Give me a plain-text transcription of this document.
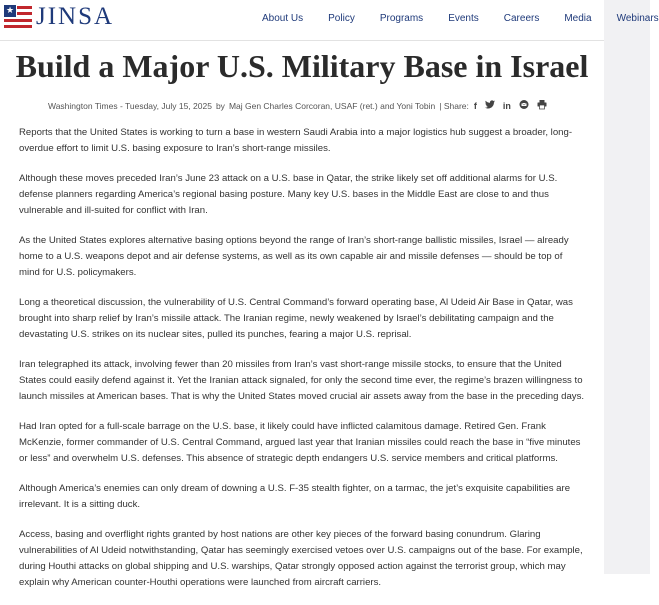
★ JINSA	About Us	Policy	Programs	Events	Careers	Media	Webinars
Build a Major U.S. Military Base in Israel
Washington Times - Tuesday, July 15, 2025 by Maj Gen Charles Corcoran, USAF (ret.) and Yoni Tobin | Share: f	in

Reports that the United States is working to turn a base in western Saudi Arabia into a major logistics hub suggest a broader, long-overdue effort to limit U.S. basing exposure to Iran’s short-range missiles.

Although these moves preceded Iran’s June 23 attack on a U.S. base in Qatar, the strike likely set off additional alarms for U.S. defense planners regarding America’s regional basing posture. Many key U.S. bases in the Middle East are close to and thus vulnerable and ill-suited for conflict with Iran.

As the United States explores alternative basing options beyond the range of Iran’s short-range ballistic missiles, Israel — already home to a U.S. weapons depot and air defense systems, as well as its own capable air and missile defenses — should be top of mind for U.S. policymakers.

Long a theoretical discussion, the vulnerability of U.S. Central Command’s forward operating base, Al Udeid Air Base in Qatar, was brought into sharp relief by Iran’s missile attack. The Iranian regime, newly weakened by Israel’s debilitating campaign and the devastating U.S. strikes on its nuclear sites, pulled its punches, fearing a major U.S. reprisal.

Iran telegraphed its attack, involving fewer than 20 missiles from Iran’s vast short-range missile stocks, to ensure that the United States could easily defend against it. Yet the Iranian attack signaled, for only the second time ever, the regime’s brazen willingness to launch missiles at American bases. That is why the United States moved crucial air assets away from the base in the preceding days.

Had Iran opted for a full-scale barrage on the U.S. base, it likely could have inflicted calamitous damage. Retired Gen. Frank McKenzie, former commander of U.S. Central Command, argued last year that Iranian missiles could reach the base in “five minutes or less” and overwhelm U.S. defenses. This absence of strategic depth endangers U.S. service members and critical platforms.

Although America’s enemies can only dream of downing a U.S. F-35 stealth fighter, on a tarmac, the jet’s exquisite capabilities are irrelevant. It is a sitting duck.

Access, basing and overflight rights granted by host nations are other key pieces of the forward basing conundrum. Glaring vulnerabilities of Al Udeid notwithstanding, Qatar has seemingly exercised vetoes over U.S. campaigns out of the base. For example, during Houthi attacks on global shipping and U.S. warships, Qatar strongly opposed action against the terrorist group, which may explain why American counter-Houthi operations were launched from aircraft carriers.
